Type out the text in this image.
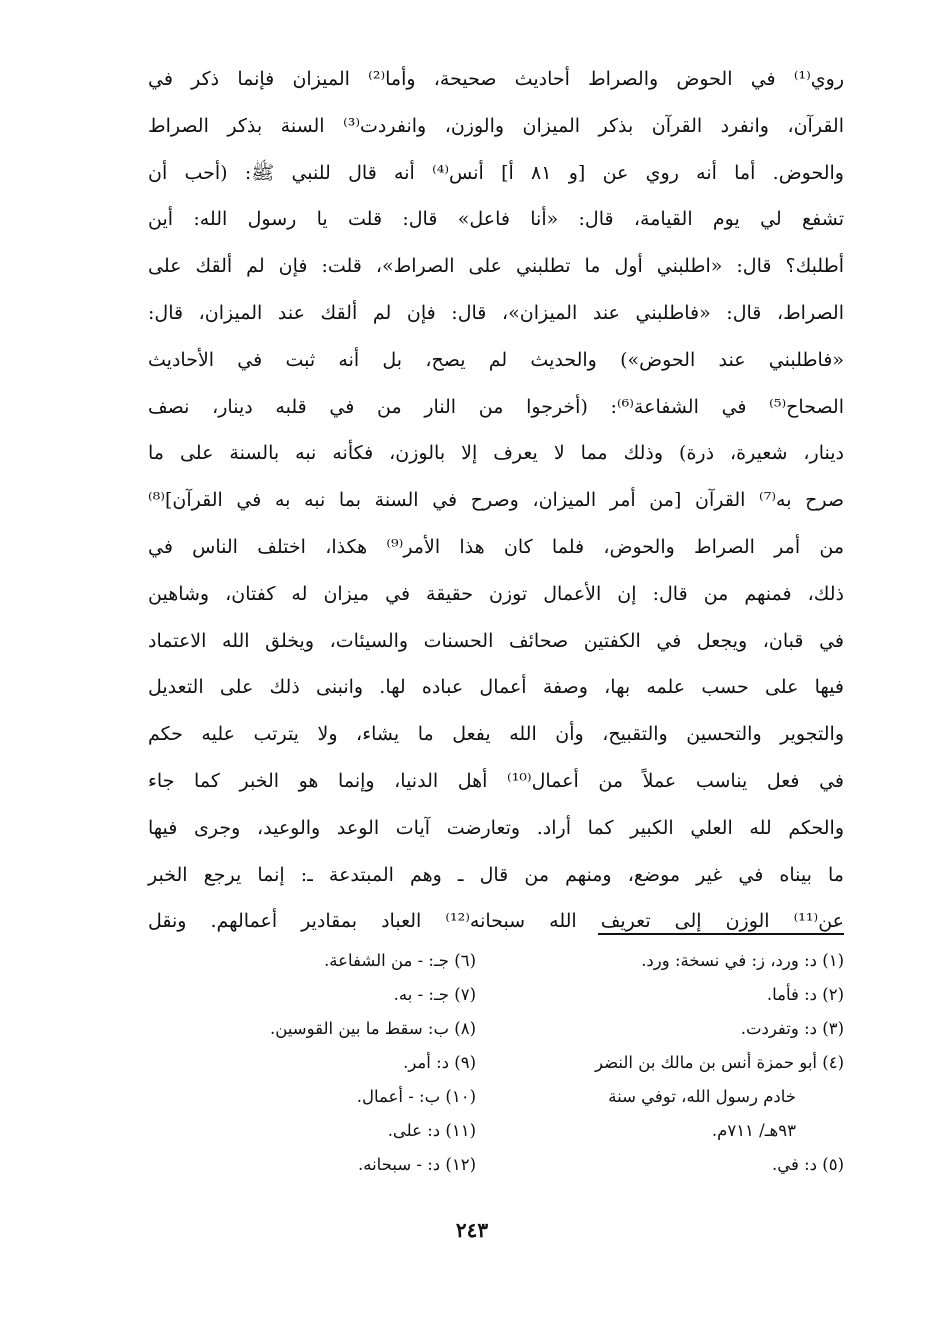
روي⁽¹⁾ في الحوض والصراط أحاديث صحيحة، وأما⁽²⁾ الميزان فإنما ذكر في
القرآن، وانفرد القرآن بذكر الميزان والوزن، وانفردت⁽³⁾ السنة بذكر الصراط
والحوض. أما أنه روي عن [و ٨١ أ] أنس⁽⁴⁾ أنه قال للنبي ﷺ: (أحب أن
تشفع لي يوم القيامة، قال: «أنا فاعل» قال: قلت يا رسول الله: أين
أطلبك؟ قال: «اطلبني أول ما تطلبني على الصراط»، قلت: فإن لم ألقك على
الصراط، قال: «فاطلبني عند الميزان»، قال: فإن لم ألقك عند الميزان، قال:
«فاطلبني عند الحوض») والحديث لم يصح، بل أنه ثبت في الأحاديث
الصحاح⁽⁵⁾ في الشفاعة⁽⁶⁾: (أخرجوا من النار من في قلبه دينار، نصف
دينار، شعيرة، ذرة) وذلك مما لا يعرف إلا بالوزن، فكأنه نبه بالسنة على ما
صرح به⁽⁷⁾ القرآن [من أمر الميزان، وصرح في السنة بما نبه به في القرآن]⁽⁸⁾
من أمر الصراط والحوض، فلما كان هذا الأمر⁽⁹⁾ هكذا، اختلف الناس في
ذلك، فمنهم من قال: إن الأعمال توزن حقيقة في ميزان له كفتان، وشاهين
في قبان، ويجعل في الكفتين صحائف الحسنات والسيئات، ويخلق الله الاعتماد
فيها على حسب علمه بها، وصفة أعمال عباده لها. وانبنى ذلك على التعديل
والتجوير والتحسين والتقبيح، وأن الله يفعل ما يشاء، ولا يترتب عليه حكم
في فعل يناسب عملاً من أعمال⁽¹⁰⁾ أهل الدنيا، وإنما هو الخبر كما جاء
والحكم لله العلي الكبير كما أراد. وتعارضت آيات الوعد والوعيد، وجرى فيها
ما بيناه في غير موضع، ومنهم من قال ـ وهم المبتدعة ـ: إنما يرجع الخبر
عن⁽¹¹⁾ الوزن إلى تعريف الله سبحانه⁽¹²⁾ العباد بمقادير أعمالهم. ونقل
(١) د: ورد، ز: في نسخة: ورد.
(٢) د: فأما.
(٣) د: وتفردت.
(٤) أبو حمزة أنس بن مالك بن النضر
خادم رسول الله، توفي سنة
٩٣هـ/ ٧١١م.
(٥) د: في.
(٦) جـ: - من الشفاعة.
(٧) جـ: - به.
(٨) ب: سقط ما بين القوسين.
(٩) د: أمر.
(١٠) ب: - أعمال.
(١١) د: على.
(١٢) د: - سبحانه.
٢٤٣
